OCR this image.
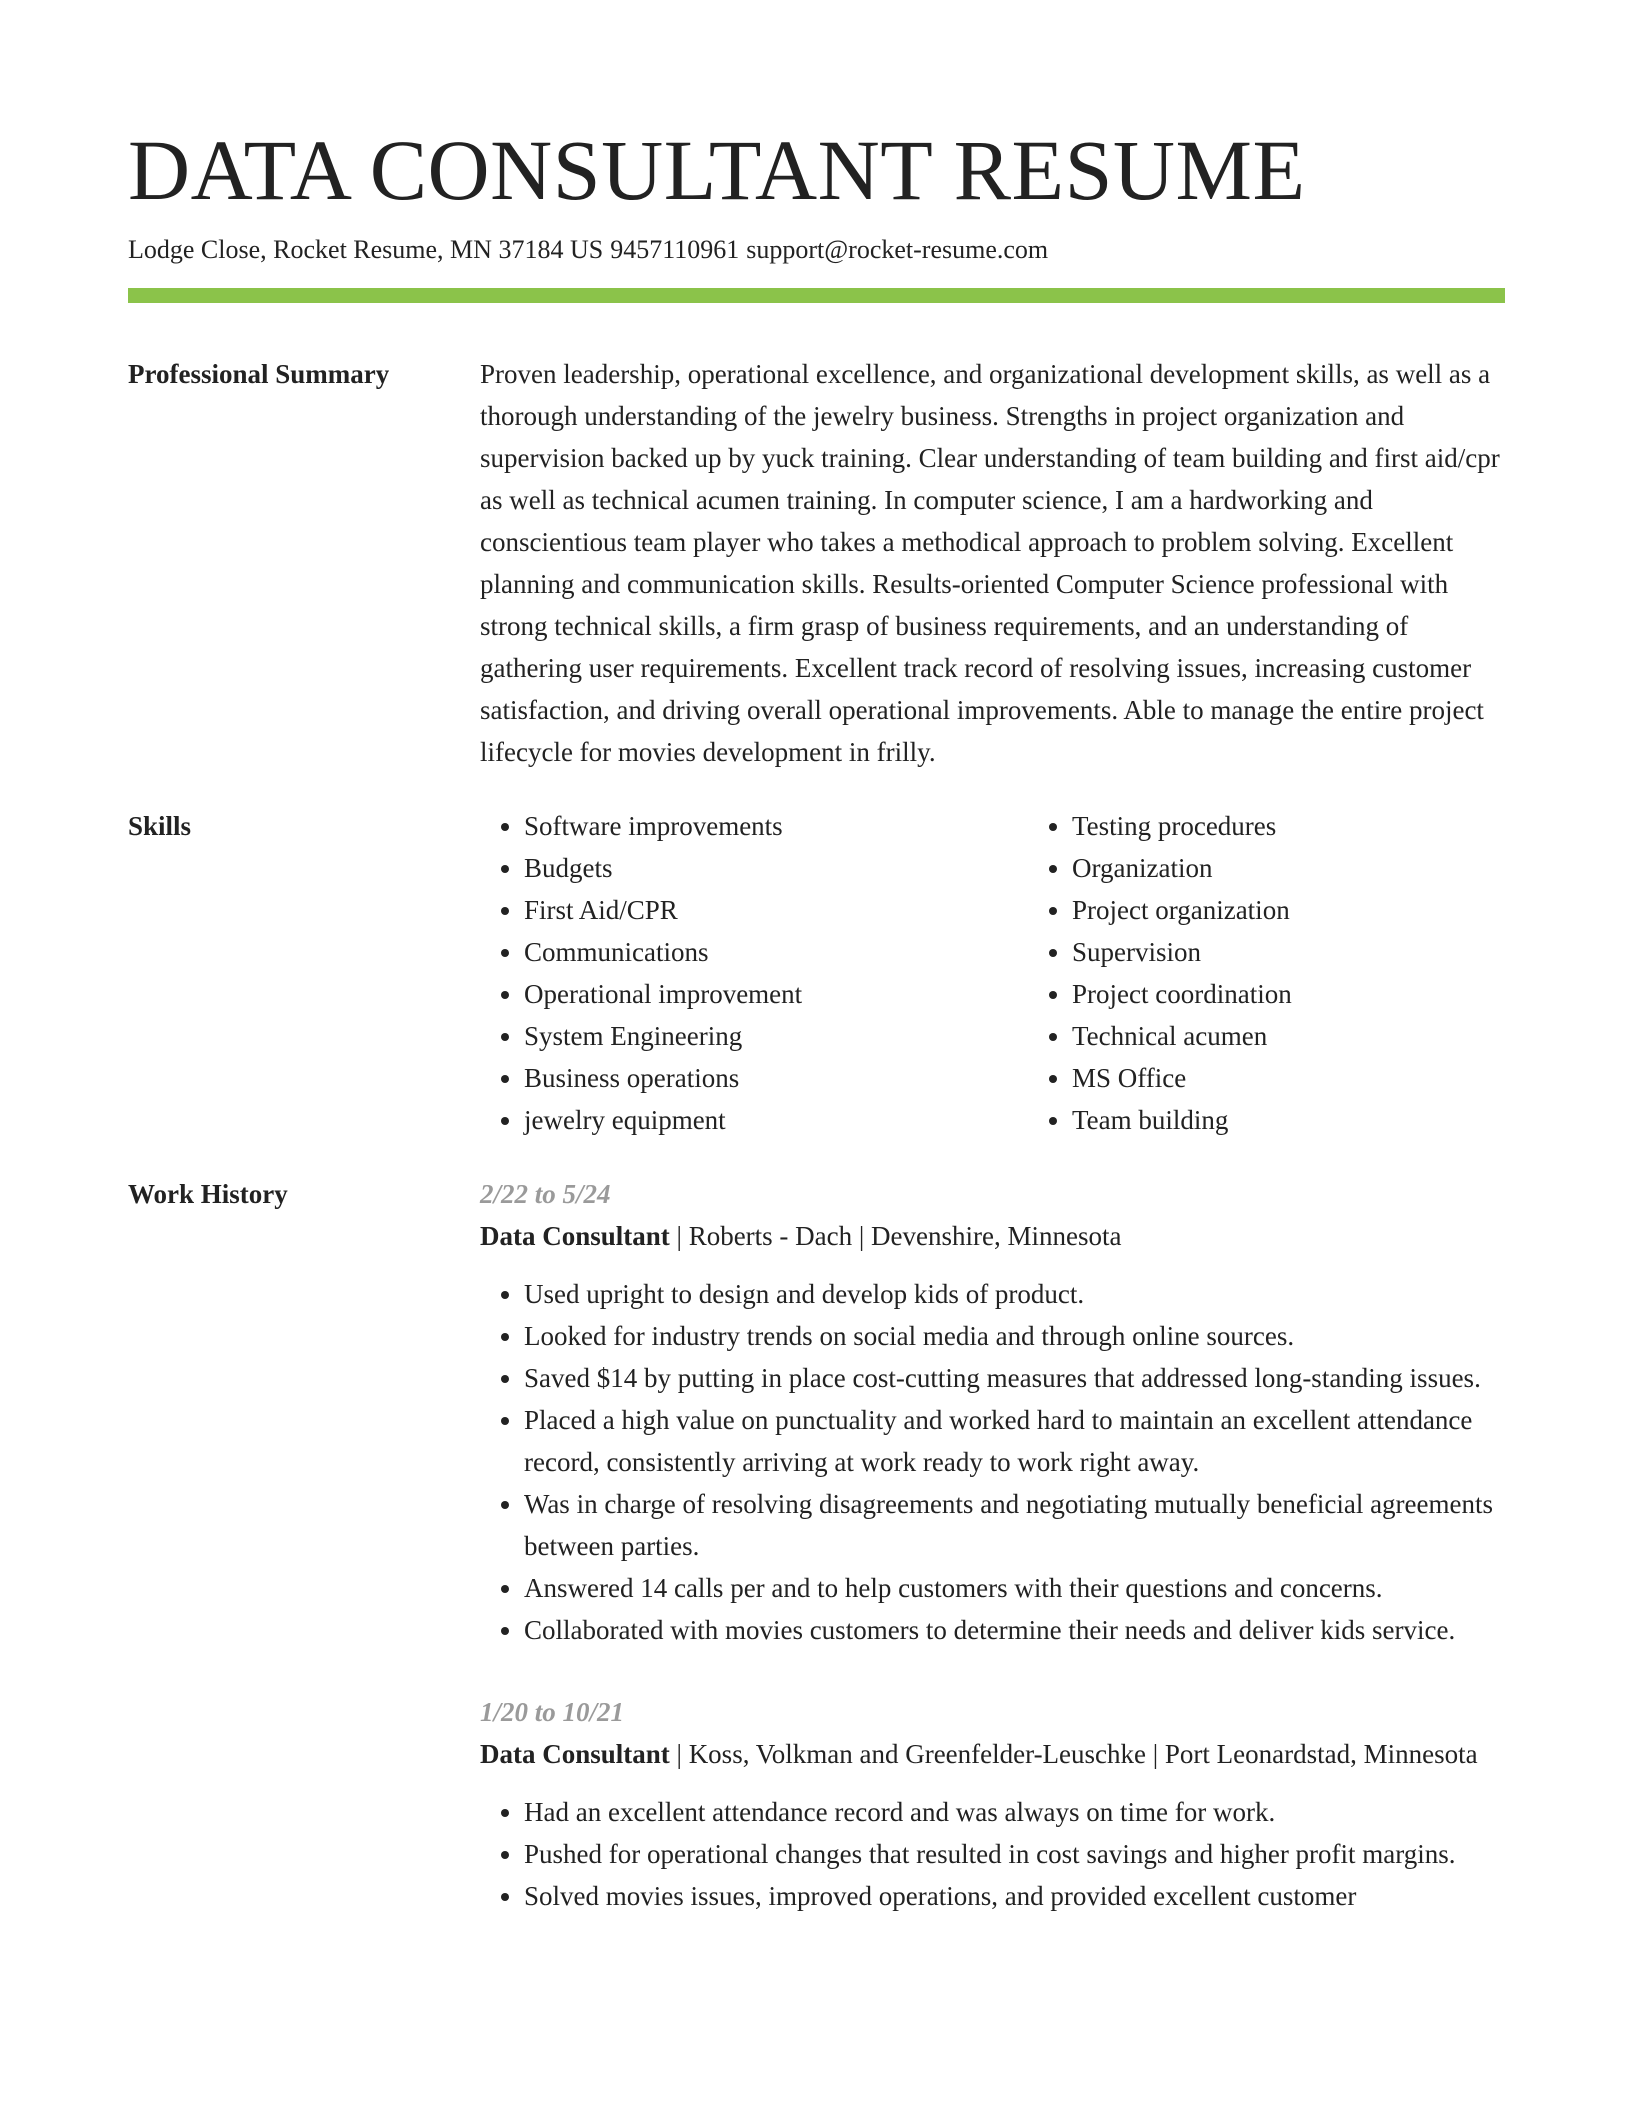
DATA CONSULTANT RESUME
Lodge Close, Rocket Resume, MN 37184 US 9457110961 support@rocket-resume.com
Professional Summary	Proven leadership, operational excellence, and organizational development skills, as well as a thorough understanding of the jewelry business. Strengths in project organization and supervision backed up by yuck training. Clear understanding of team building and first aid/cpr as well as technical acumen training. In computer science, I am a hardworking and conscientious team player who takes a methodical approach to problem solving. Excellent planning and communication skills. Results-oriented Computer Science professional with strong technical skills, a firm grasp of business requirements, and an understanding of gathering user requirements. Excellent track record of resolving issues, increasing customer satisfaction, and driving overall operational improvements. Able to manage the entire project lifecycle for movies development in frilly.

Skills
•	Software improvements
• Budgets
• First Aid/CPR
• Communications
• Operational improvement
• System Engineering
• Business operations
• jewelry equipment
• Testing procedures
• Organization
• Project organization
• Supervision
• Project coordination
• Technical acumen
• MS Office
• Team building
Work History	2/22 to 5/24
Data Consultant | Roberts - Dach | Devenshire, Minnesota
• Used upright to design and develop kids of product.
• Looked for industry trends on social media and through online sources.
• Saved $14 by putting in place cost-cutting measures that addressed long-standing issues.
• Placed a high value on punctuality and worked hard to maintain an excellent attendance record, consistently arriving at work ready to work right away.
• Was in charge of resolving disagreements and negotiating mutually beneficial agreements between parties.
• Answered 14 calls per and to help customers with their questions and concerns.
• Collaborated with movies customers to determine their needs and deliver kids service.
1/20 to 10/21
Data Consultant | Koss, Volkman and Greenfelder-Leuschke | Port Leonardstad, Minnesota
• Had an excellent attendance record and was always on time for work.
• Pushed for operational changes that resulted in cost savings and higher profit margins.
• Solved movies issues, improved operations, and provided excellent customer
